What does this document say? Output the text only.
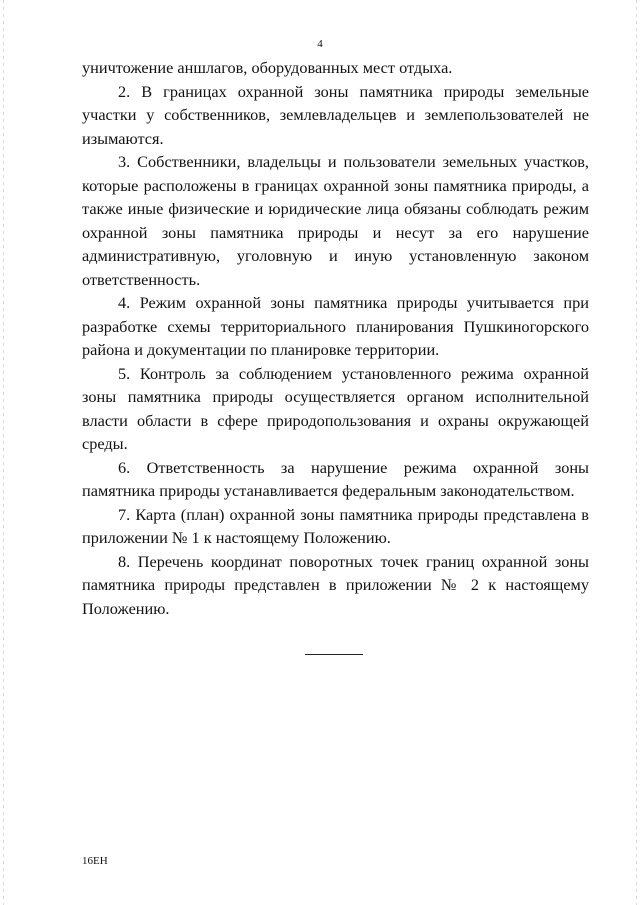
4

уничтожение аншлагов, оборудованных мест отдыха.

2. В границах охранной зоны памятника природы земельные участки у собственников, землевладельцев и землепользователей не изымаются.

3. Собственники, владельцы и пользователи земельных участков, которые расположены в границах охранной зоны памятника природы, а также иные физические и юридические лица обязаны соблюдать режим охранной зоны памятника природы и несут за его нарушение административную, уголовную и иную установленную законом ответственность.

4. Режим охранной зоны памятника природы учитывается при разработке схемы территориального планирования Пушкиногорского района и документации по планировке территории.

5. Контроль за соблюдением установленного режима охранной зоны памятника природы осуществляется органом исполнительной власти области в сфере природопользования и охраны окружающей среды.

6. Ответственность за нарушение режима охранной зоны памятника природы устанавливается федеральным законодательством.

7. Карта (план) охранной зоны памятника природы представлена в приложении № 1 к настоящему Положению.

8. Перечень координат поворотных точек границ охранной зоны памятника природы представлен в приложении № 2 к настоящему Положению.

16ЕН
